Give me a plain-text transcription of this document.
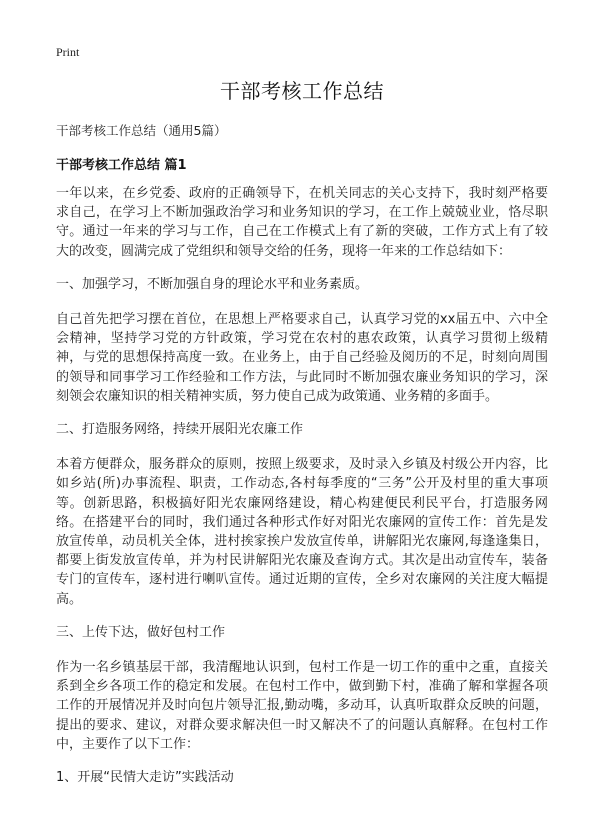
Print
干部考核工作总结

干部考核工作总结（通用5篇）

干部考核工作总结 篇1

一年以来，在乡党委、政府的正确领导下，在机关同志的关心支持下，我时刻严格要求自己，在学习上不断加强政治学习和业务知识的学习，在工作上兢兢业业，恪尽职守。通过一年来的学习与工作，自己在工作模式上有了新的突破，工作方式上有了较大的改变，圆满完成了党组织和领导交给的任务，现将一年来的工作总结如下：

一、加强学习，不断加强自身的理论水平和业务素质。

自己首先把学习摆在首位，在思想上严格要求自己，认真学习党的xx届五中、六中全会精神，坚持学习党的方针政策，学习党在农村的惠农政策，认真学习贯彻上级精神，与党的思想保持高度一致。在业务上，由于自己经验及阅历的不足，时刻向周围的领导和同事学习工作经验和工作方法，与此同时不断加强农廉业务知识的学习，深刻领会农廉知识的相关精神实质，努力使自己成为政策通、业务精的多面手。

二、打造服务网络，持续开展阳光农廉工作

本着方便群众，服务群众的原则，按照上级要求，及时录入乡镇及村级公开内容，比如乡站(所)办事流程、职责，工作动态,各村每季度的“三务”公开及村里的重大事项等。创新思路，积极搞好阳光农廉网络建设，精心构建便民利民平台，打造服务网络。在搭建平台的同时，我们通过各种形式作好对阳光农廉网的宣传工作：首先是发放宣传单，动员机关全体，进村挨家挨户发放宣传单，讲解阳光农廉网,每逢逢集日，都要上街发放宣传单，并为村民讲解阳光农廉及查询方式。其次是出动宣传车，装备专门的宣传车，逐村进行喇叭宣传。通过近期的宣传，全乡对农廉网的关注度大幅提高。

三、上传下达，做好包村工作

作为一名乡镇基层干部，我清醒地认识到，包村工作是一切工作的重中之重，直接关系到全乡各项工作的稳定和发展。在包村工作中，做到勤下村，准确了解和掌握各项工作的开展情况并及时向包片领导汇报,勤动嘴，多动耳，认真听取群众反映的问题，提出的要求、建议，对群众要求解决但一时又解决不了的问题认真解释。在包村工作中，主要作了以下工作：

1、开展“民情大走访”实践活动
